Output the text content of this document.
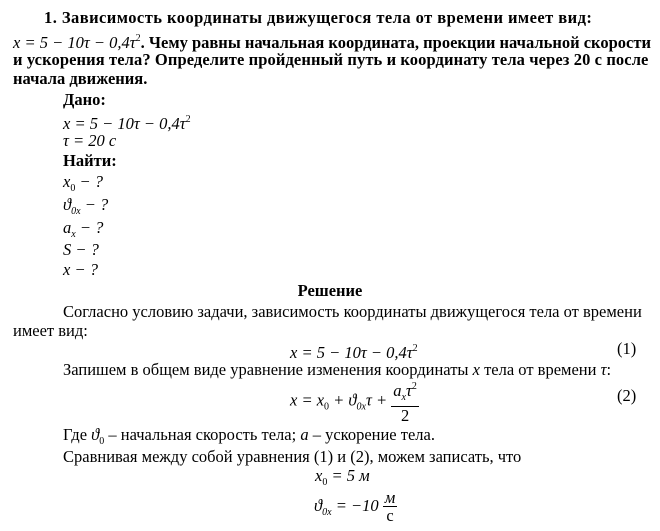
1. Зависимость координаты движущегося тела от времени имеет вид:
$x = 5 - 10\tau - 0,4\tau^2$. Чему равны начальная координата, проекции начальной скорости
и ускорения тела? Определите пройденный путь и координату тела через 20 с после
начала движения.
Дано:
$x = 5 - 10\tau - 0,4\tau^2$
τ = 20 с
Найти:
$x_0$ − ?
$ϑ_{0x}$ − ?
$a_x$ − ?
S − ?
x − ?
Решение
Согласно условию задачи, зависимость координаты движущегося тела от времени
имеет вид:
$x = 5 - 10\tau - 0,4\tau^2$	(1)
Запишем в общем виде уравнение изменения координаты x тела от времени τ:
$x = x_0 + ϑ_{0x}\tau + \frac{a_x\tau^2}{2}$	(2)
Где $ϑ_0$ – начальная скорость тела; a – ускорение тела.
Сравнивая между собой уравнения (1) и (2), можем записать, что
$x_0 = 5$ м
$ϑ_{0x} = -10 \frac{м}{с}$
